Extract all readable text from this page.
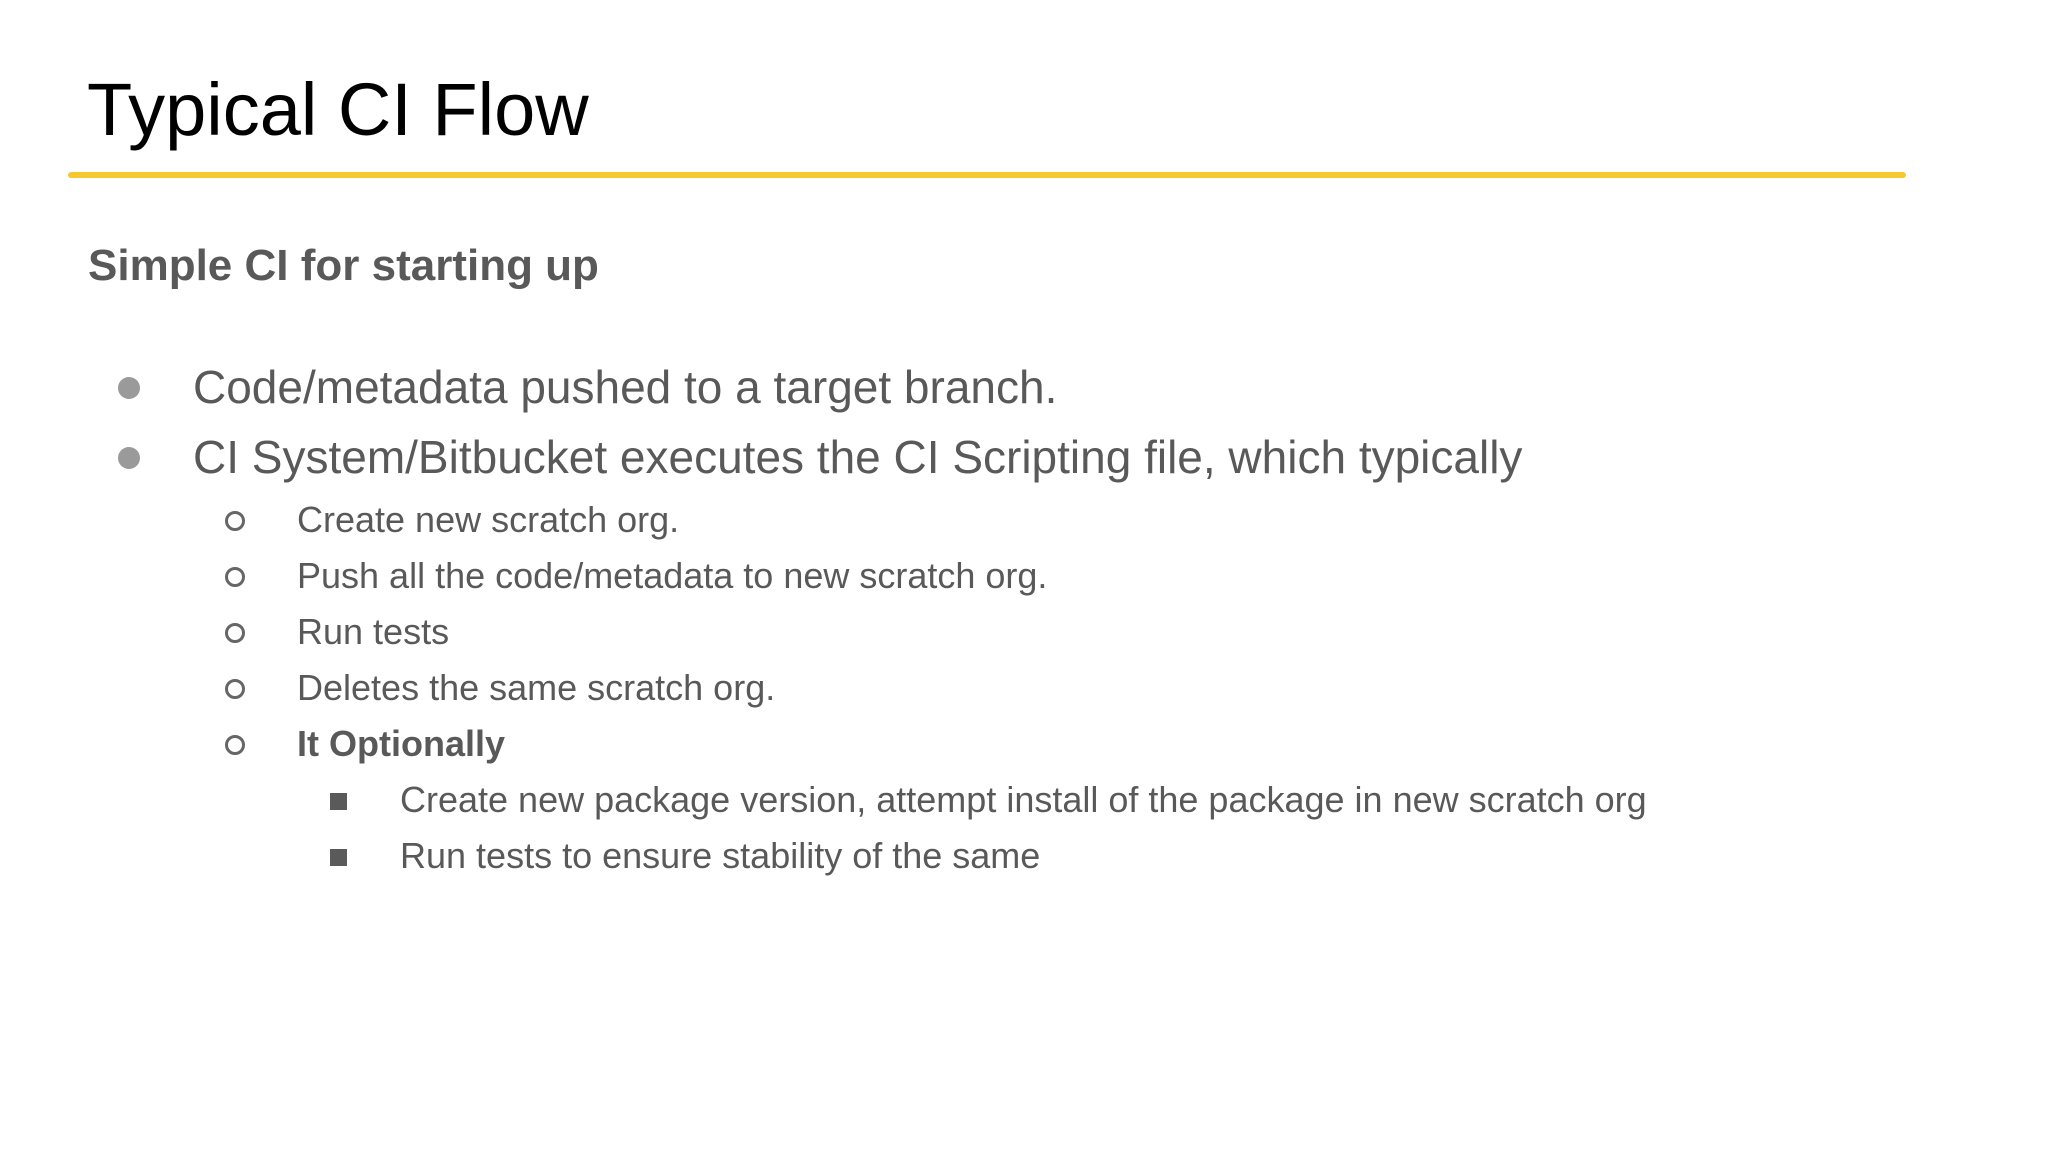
Typical CI Flow
Simple CI for starting up
Code/metadata pushed to a target branch.
CI System/Bitbucket executes the CI Scripting file, which typically
Create new scratch org.
Push all the code/metadata to new scratch org.
Run tests
Deletes the same scratch org.
It Optionally
Create new package version, attempt install of the package in new scratch org
Run tests to ensure stability of the same
